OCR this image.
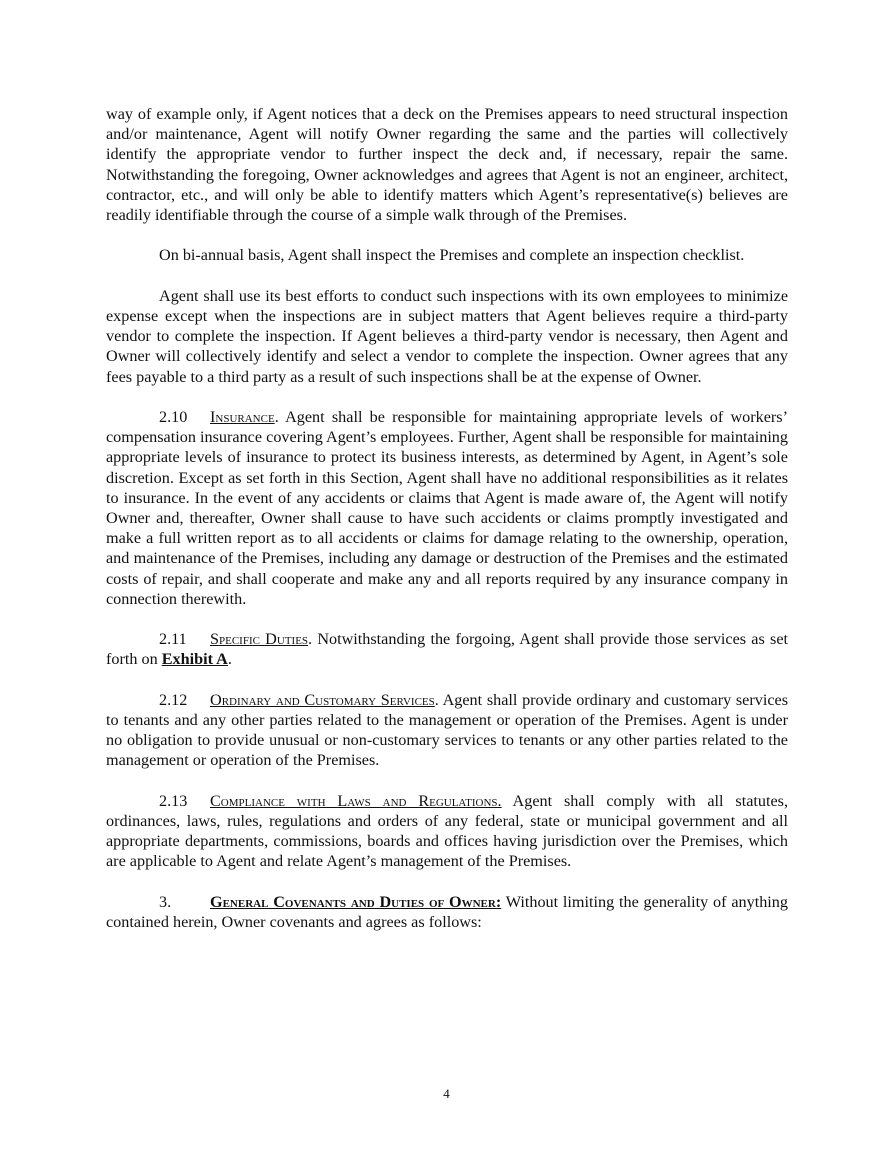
way of example only, if Agent notices that a deck on the Premises appears to need structural inspection and/or maintenance, Agent will notify Owner regarding the same and the parties will collectively identify the appropriate vendor to further inspect the deck and, if necessary, repair the same. Notwithstanding the foregoing, Owner acknowledges and agrees that Agent is not an engineer, architect, contractor, etc., and will only be able to identify matters which Agent’s representative(s) believes are readily identifiable through the course of a simple walk through of the Premises.

On bi-annual basis, Agent shall inspect the Premises and complete an inspection checklist.

Agent shall use its best efforts to conduct such inspections with its own employees to minimize expense except when the inspections are in subject matters that Agent believes require a third-party vendor to complete the inspection. If Agent believes a third-party vendor is necessary, then Agent and Owner will collectively identify and select a vendor to complete the inspection. Owner agrees that any fees payable to a third party as a result of such inspections shall be at the expense of Owner.

2.10 Insurance. Agent shall be responsible for maintaining appropriate levels of workers’ compensation insurance covering Agent’s employees. Further, Agent shall be responsible for maintaining appropriate levels of insurance to protect its business interests, as determined by Agent, in Agent’s sole discretion. Except as set forth in this Section, Agent shall have no additional responsibilities as it relates to insurance. In the event of any accidents or claims that Agent is made aware of, the Agent will notify Owner and, thereafter, Owner shall cause to have such accidents or claims promptly investigated and make a full written report as to all accidents or claims for damage relating to the ownership, operation, and maintenance of the Premises, including any damage or destruction of the Premises and the estimated costs of repair, and shall cooperate and make any and all reports required by any insurance company in connection therewith.

2.11 Specific Duties. Notwithstanding the forgoing, Agent shall provide those services as set forth on Exhibit A.

2.12 Ordinary and Customary Services. Agent shall provide ordinary and customary services to tenants and any other parties related to the management or operation of the Premises. Agent is under no obligation to provide unusual or non-customary services to tenants or any other parties related to the management or operation of the Premises.

2.13 Compliance with Laws and Regulations. Agent shall comply with all statutes, ordinances, laws, rules, regulations and orders of any federal, state or municipal government and all appropriate departments, commissions, boards and offices having jurisdiction over the Premises, which are applicable to Agent and relate Agent’s management of the Premises.

3. General Covenants and Duties of Owner: Without limiting the generality of anything contained herein, Owner covenants and agrees as follows:

4
